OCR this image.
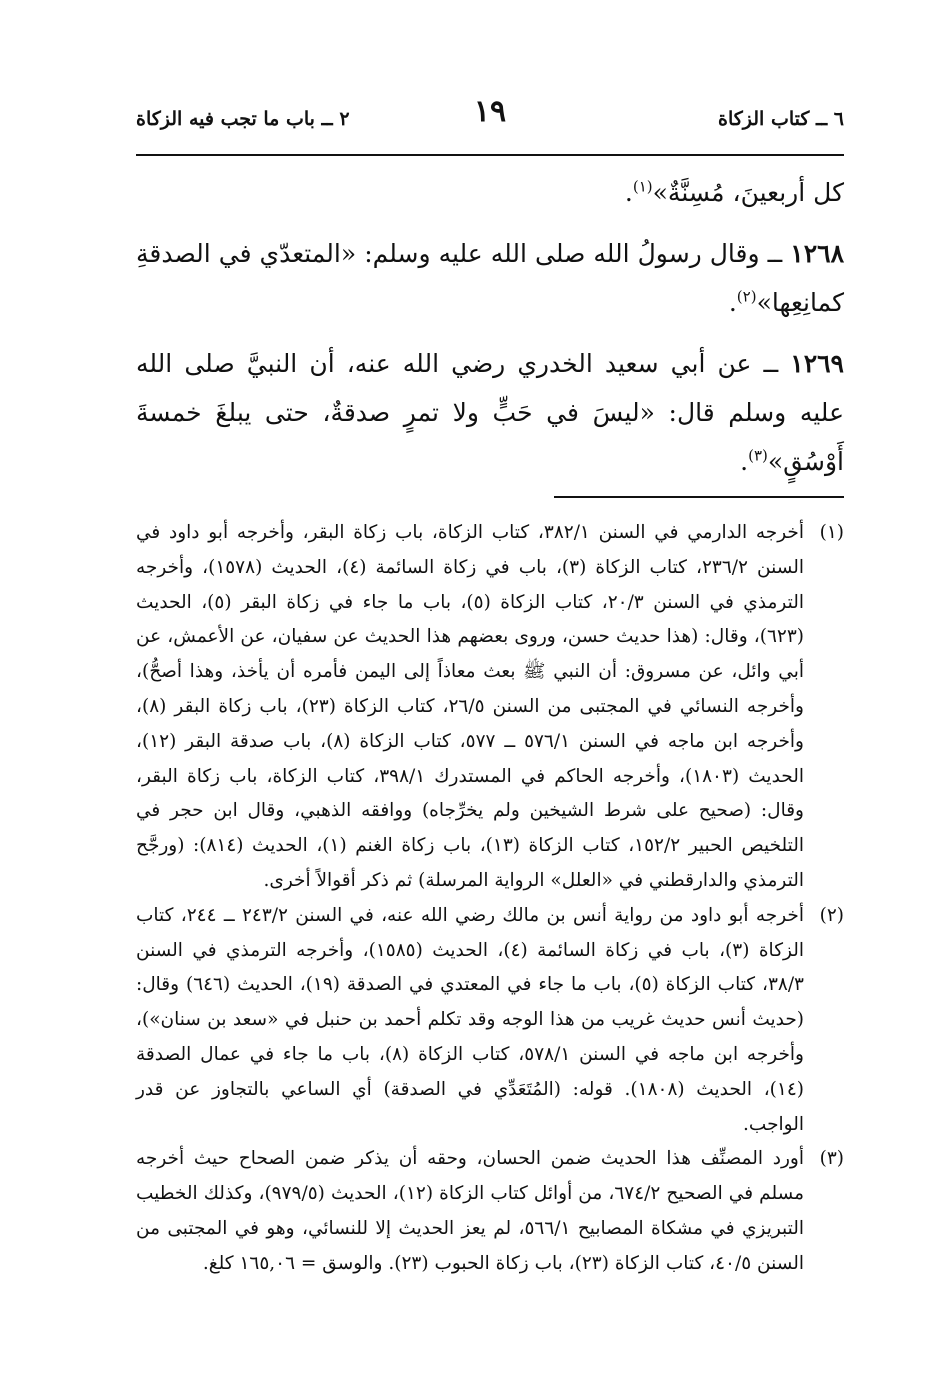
٦ ــ كتاب الزكاة
١٩
٢ ــ باب ما تجب فيه الزكاة

كل أربعينَ، مُسِنَّةٌ»$^{(١)}$.

١٢٦٨ ــ وقال رسولُ الله صلى الله عليه وسلم: «المتعدّي في الصدقةِ كمانِعِها»$^{(٢)}$.

١٢٦٩ ــ عن أبي سعيد الخدري رضي الله عنه، أن النبيَّ صلى الله عليه وسلم قال: «ليسَ في حَبٍّ ولا تمرٍ صدقةٌ، حتى يبلغَ خمسةَ أَوْسُقٍ»$^{(٣)}$.

(١)
أخرجه الدارمي في السنن ٣٨٢/١، كتاب الزكاة، باب زكاة البقر، وأخرجه أبو داود في السنن ٢٣٦/٢، كتاب الزكاة (٣)، باب في زكاة السائمة (٤)، الحديث (١٥٧٨)، وأخرجه الترمذي في السنن ٢٠/٣، كتاب الزكاة (٥)، باب ما جاء في زكاة البقر (٥)، الحديث (٦٢٣)، وقال: (هذا حديث حسن، وروى بعضهم هذا الحديث عن سفيان، عن الأعمش، عن أبي وائل، عن مسروق: أن النبي ﷺ بعث معاذاً إلى اليمن فأمره أن يأخذ، وهذا أصحُّ)، وأخرجه النسائي في المجتبى من السنن ٢٦/٥، كتاب الزكاة (٢٣)، باب زكاة البقر (٨)، وأخرجه ابن ماجه في السنن ٥٧٦/١ ــ ٥٧٧، كتاب الزكاة (٨)، باب صدقة البقر (١٢)، الحديث (١٨٠٣)، وأخرجه الحاكم في المستدرك ٣٩٨/١، كتاب الزكاة، باب زكاة البقر، وقال: (صحيح على شرط الشيخين ولم يخرِّجاه) ووافقه الذهبي، وقال ابن حجر في التلخيص الحبير ١٥٢/٢، كتاب الزكاة (١٣)، باب زكاة الغنم (١)، الحديث (٨١٤): (ورجَّح الترمذي والدارقطني في «العلل» الرواية المرسلة) ثم ذكر أقوالاً أخرى.
(٢)
أخرجه أبو داود من رواية أنس بن مالك رضي الله عنه، في السنن ٢٤٣/٢ ــ ٢٤٤، كتاب الزكاة (٣)، باب في زكاة السائمة (٤)، الحديث (١٥٨٥)، وأخرجه الترمذي في السنن ٣٨/٣، كتاب الزكاة (٥)، باب ما جاء في المعتدي في الصدقة (١٩)، الحديث (٦٤٦) وقال: (حديث أنس حديث غريب من هذا الوجه وقد تكلم أحمد بن حنبل في «سعد بن سنان»)، وأخرجه ابن ماجه في السنن ٥٧٨/١، كتاب الزكاة (٨)، باب ما جاء في عمال الصدقة (١٤)، الحديث (١٨٠٨). قوله: (المُتَعَدِّي في الصدقة) أي الساعي بالتجاوز عن قدر الواجب.
(٣)
أورد المصنِّف هذا الحديث ضمن الحسان، وحقه أن يذكر ضمن الصحاح حيث أخرجه مسلم في الصحيح ٦٧٤/٢، من أوائل كتاب الزكاة (١٢)، الحديث (٩٧٩/٥)، وكذلك الخطيب التبريزي في مشكاة المصابيح ٥٦٦/١، لم يعز الحديث إلا للنسائي، وهو في المجتبى من السنن ٤٠/٥، كتاب الزكاة (٢٣)، باب زكاة الحبوب (٢٣). والوسق = ١٦٥,٠٦ كلغ.
